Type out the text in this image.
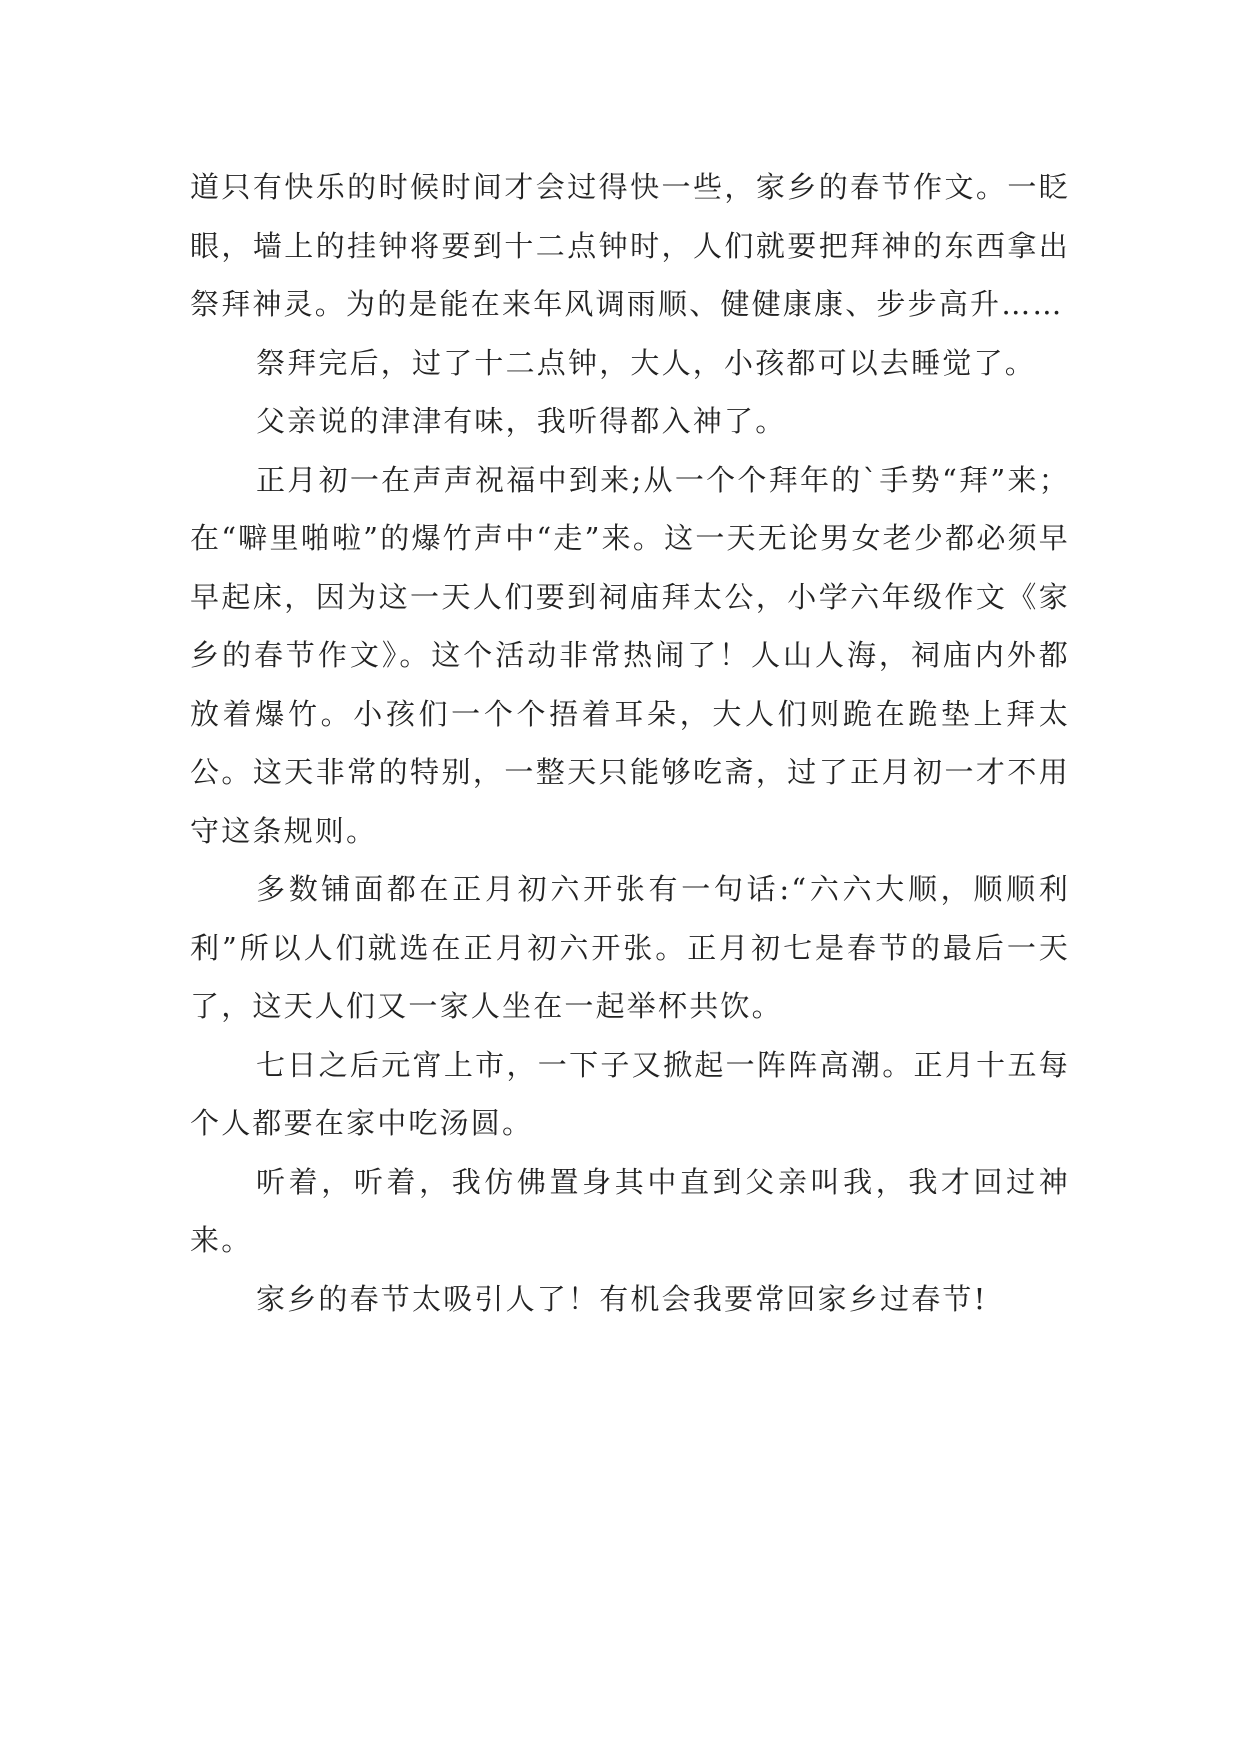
道只有快乐的时候时间才会过得快一些，家乡的春节作文。一眨眼，墙上的挂钟将要到十二点钟时，人们就要把拜神的东西拿出祭拜神灵。为的是能在来年风调雨顺、健健康康、步步高升……

祭拜完后，过了十二点钟，大人，小孩都可以去睡觉了。

父亲说的津津有味，我听得都入神了。

正月初一在声声祝福中到来;从一个个拜年的`手势“拜”来；在“噼里啪啦”的爆竹声中“走”来。这一天无论男女老少都必须早早起床，因为这一天人们要到祠庙拜太公，小学六年级作文《家乡的春节作文》。这个活动非常热闹了！人山人海，祠庙内外都放着爆竹。小孩们一个个捂着耳朵，大人们则跪在跪垫上拜太公。这天非常的特别，一整天只能够吃斋，过了正月初一才不用守这条规则。

多数铺面都在正月初六开张有一句话:“六六大顺，顺顺利利”所以人们就选在正月初六开张。正月初七是春节的最后一天了，这天人们又一家人坐在一起举杯共饮。

七日之后元宵上市，一下子又掀起一阵阵高潮。正月十五每个人都要在家中吃汤圆。

听着，听着，我仿佛置身其中直到父亲叫我，我才回过神来。

家乡的春节太吸引人了！有机会我要常回家乡过春节!
